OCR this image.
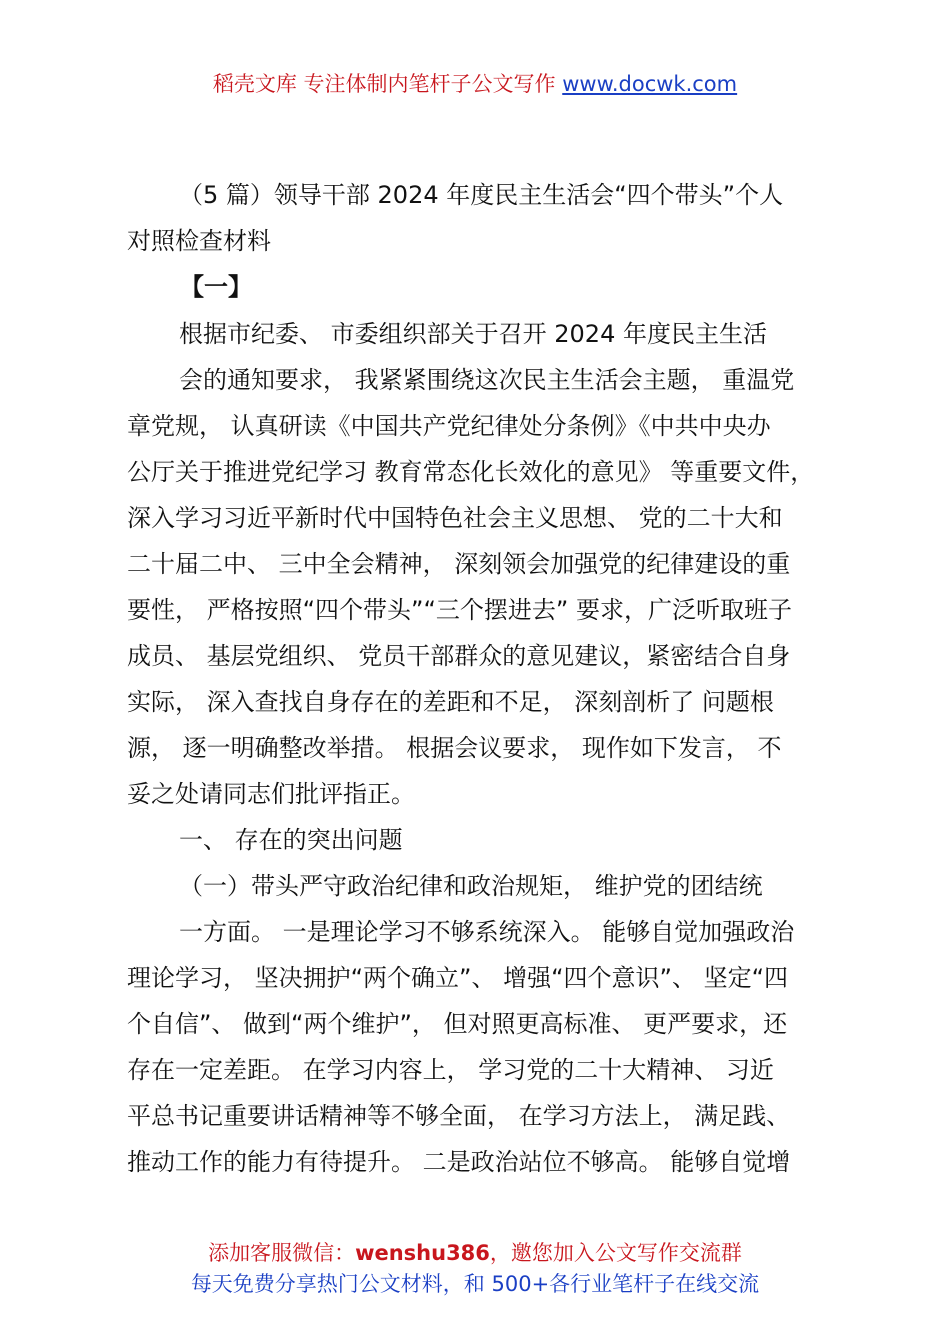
稻壳文库 专注体制内笔杆子公文写作 www.docwk.com
（5 篇）领导干部 2024 年度民主生活会“四个带头”个人
对照检查材料
【一】
根据市纪委、 市委组织部关于召开 2024 年度民主生活
会的通知要求， 我紧紧围绕这次民主生活会主题， 重温党
章党规， 认真研读《中国共产党纪律处分条例》《中共中央办
公厅关于推进党纪学习 教育常态化长效化的意见》 等重要文件，
深入学习习近平新时代中国特色社会主义思想、 党的二十大和
二十届二中、 三中全会精神， 深刻领会加强党的纪律建设的重
要性， 严格按照“四个带头”“三个摆进去” 要求，广泛听取班子
成员、 基层党组织、 党员干部群众的意见建议，紧密结合自身
实际， 深入查找自身存在的差距和不足， 深刻剖析了 问题根
源， 逐一明确整改举措。 根据会议要求， 现作如下发言， 不
妥之处请同志们批评指正。
一、 存在的突出问题
（一）带头严守政治纪律和政治规矩， 维护党的团结统
一方面。 一是理论学习不够系统深入。 能够自觉加强政治
理论学习， 坚决拥护“两个确立”、 增强“四个意识”、 坚定“四
个自信”、 做到“两个维护”， 但对照更高标准、 更严要求，还
存在一定差距。 在学习内容上， 学习党的二十大精神、 习近
平总书记重要讲话精神等不够全面， 在学习方法上， 满足践、
推动工作的能力有待提升。 二是政治站位不够高。 能够自觉增
添加客服微信：wenshu386，邀您加入公文写作交流群
每天免费分享热门公文材料，和 500+各行业笔杆子在线交流
